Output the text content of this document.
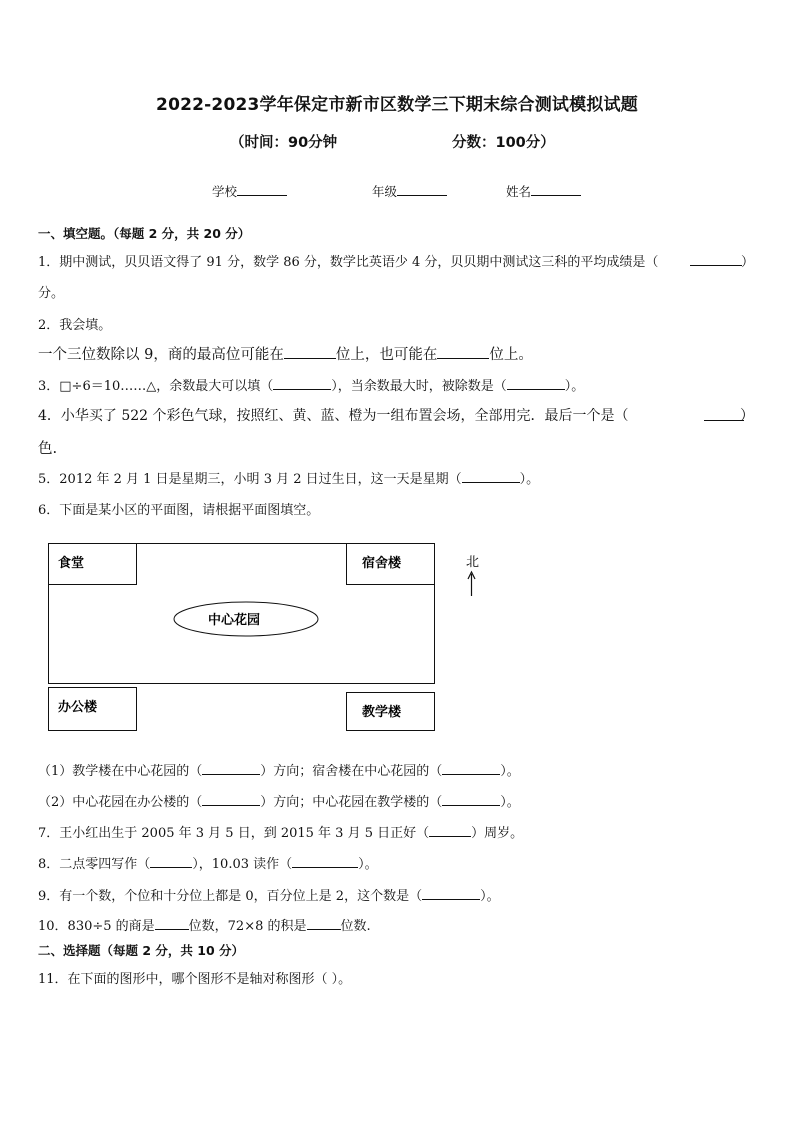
2022-2023学年保定市新市区数学三下期末综合测试模拟试题
（时间：90分钟	分数：100分）
学校	年级	姓名
一、填空题。（每题 2 分，共 20 分）
1．期中测试，贝贝语文得了 91 分，数学 86 分，数学比英语少 4 分，贝贝期中测试这三科的平均成绩是（	）
分。
2．我会填。
一个三位数除以 9，商的最高位可能在	位上，也可能在	位上。
3．□÷6＝10……△，余数最大可以填（	），当余数最大时，被除数是（	）。
4．小华买了 522 个彩色气球，按照红、黄、蓝、橙为一组布置会场，全部用完．最后一个是（	）
色.
5．2012 年 2 月 1 日是星期三，小明 3 月 2 日过生日，这一天是星期（	）。
6．下面是某小区的平面图，请根据平面图填空。
食堂	宿舍楼
中心花园
办公楼	教学楼
北
（1）教学楼在中心花园的（	）方向；宿舍楼在中心花园的（	）。
（2）中心花园在办公楼的（	）方向；中心花园在教学楼的（	）。
7．王小红出生于 2005 年 3 月 5 日，到 2015 年 3 月 5 日正好（	）周岁。
8．二点零四写作（	），10.03 读作（	）。
9．有一个数，个位和十分位上都是 0，百分位上是 2，这个数是（	）。
10．830÷5 的商是	位数，72×8 的积是	位数.
二、选择题（每题 2 分，共 10 分）
11．在下面的图形中，哪个图形不是轴对称图形（ ）。
